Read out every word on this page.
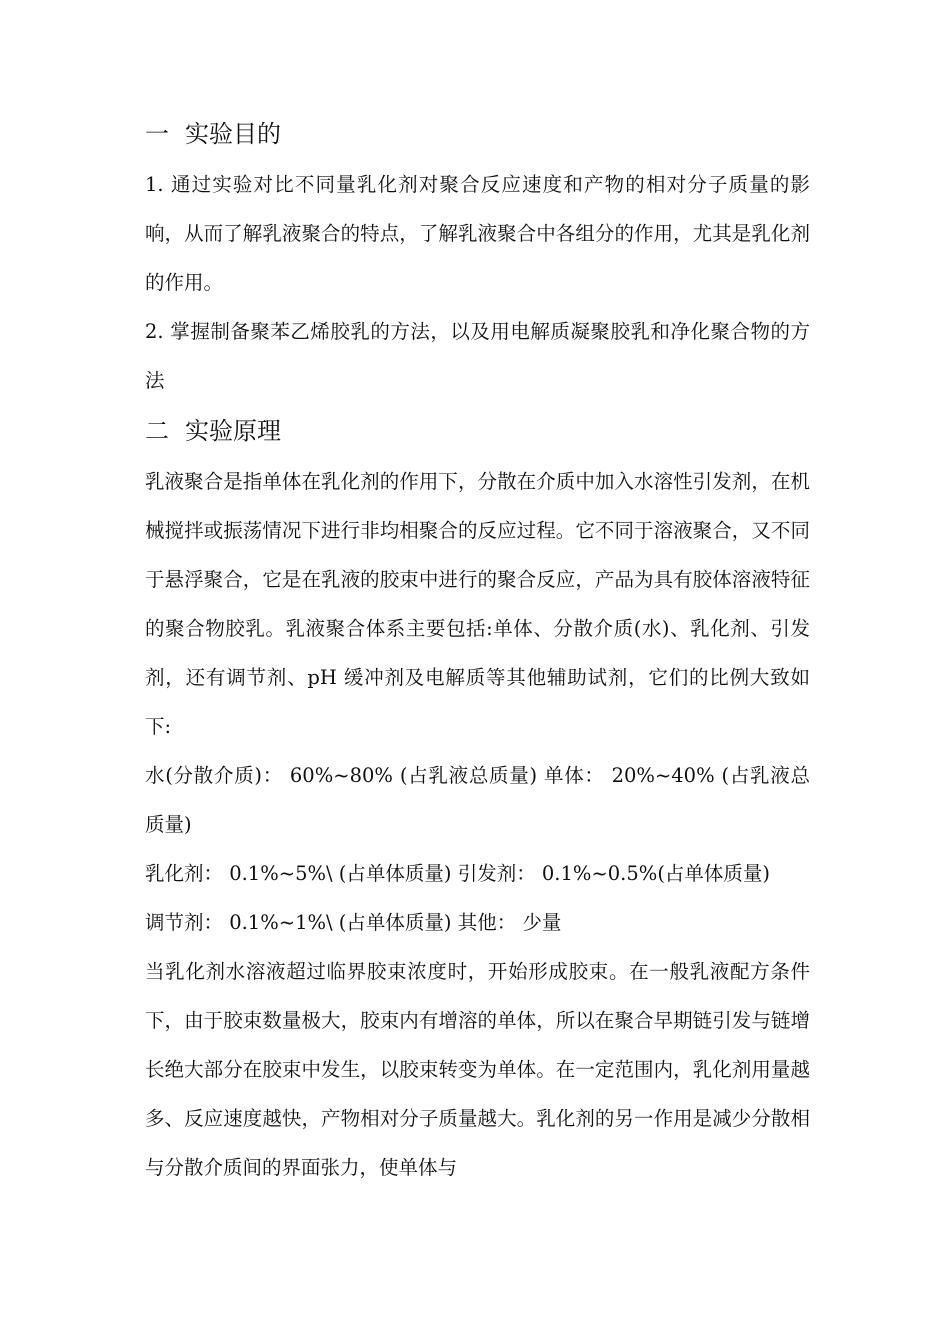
一 实验目的

1. 通过实验对比不同量乳化剂对聚合反应速度和产物的相对分子质量的影响，从而了解乳液聚合的特点，了解乳液聚合中各组分的作用，尤其是乳化剂的作用。

2. 掌握制备聚苯乙烯胶乳的方法，以及用电解质凝聚胶乳和净化聚合物的方法

二 实验原理

乳液聚合是指单体在乳化剂的作用下，分散在介质中加入水溶性引发剂，在机械搅拌或振荡情况下进行非均相聚合的反应过程。它不同于溶液聚合，又不同于悬浮聚合，它是在乳液的胶束中进行的聚合反应，产品为具有胶体溶液特征的聚合物胶乳。乳液聚合体系主要包括:单体、分散介质(水)、乳化剂、引发剂，还有调节剂、pH 缓冲剂及电解质等其他辅助试剂，它们的比例大致如下:

水(分散介质)： 60%~80% (占乳液总质量) 单体： 20%~40% (占乳液总质量)

乳化剂： 0.1%~5%\ (占单体质量) 引发剂： 0.1%~0.5%(占单体质量)

调节剂： 0.1%~1%\ (占单体质量) 其他： 少量

当乳化剂水溶液超过临界胶束浓度时，开始形成胶束。在一般乳液配方条件下，由于胶束数量极大，胶束内有增溶的单体，所以在聚合早期链引发与链增长绝大部分在胶束中发生，以胶束转变为单体。在一定范围内，乳化剂用量越多、反应速度越快，产物相对分子质量越大。乳化剂的另一作用是减少分散相与分散介质间的界面张力，使单体与
